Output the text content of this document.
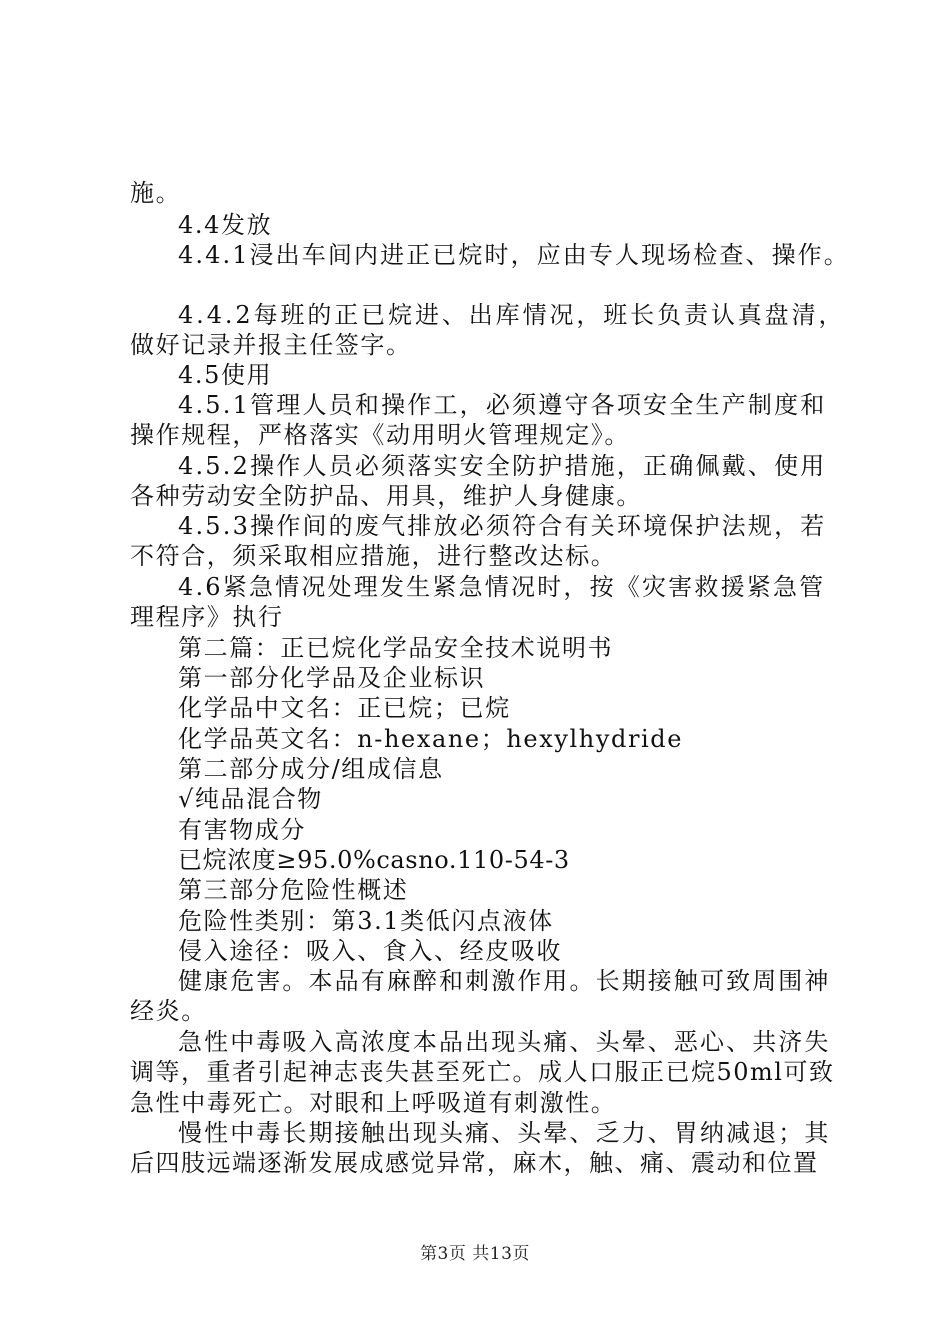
施。
4.4发放
4.4.1浸出车间内进正已烷时，应由专人现场检查、操作。
4.4.2每班的正已烷进、出库情况，班长负责认真盘清，
做好记录并报主任签字。
4.5使用
4.5.1管理人员和操作工，必须遵守各项安全生产制度和
操作规程，严格落实《动用明火管理规定》。
4.5.2操作人员必须落实安全防护措施，正确佩戴、使用
各种劳动安全防护品、用具，维护人身健康。
4.5.3操作间的废气排放必须符合有关环境保护法规，若
不符合，须采取相应措施，进行整改达标。
4.6紧急情况处理发生紧急情况时，按《灾害救援紧急管
理程序》执行
第二篇：正已烷化学品安全技术说明书
第一部分化学品及企业标识
化学品中文名：正已烷；已烷
化学品英文名：n-hexane；hexylhydride
第二部分成分/组成信息
√纯品混合物
有害物成分
已烷浓度≥95.0%casno.110-54-3
第三部分危险性概述
危险性类别：第3.1类低闪点液体
侵入途径：吸入、食入、经皮吸收
健康危害。本品有麻醉和刺激作用。长期接触可致周围神
经炎。
急性中毒吸入高浓度本品出现头痛、头晕、恶心、共济失
调等，重者引起神志丧失甚至死亡。成人口服正已烷50ml可致
急性中毒死亡。对眼和上呼吸道有刺激性。
慢性中毒长期接触出现头痛、头晕、乏力、胃纳减退；其
后四肢远端逐渐发展成感觉异常，麻木，触、痛、震动和位置
第3页 共13页
